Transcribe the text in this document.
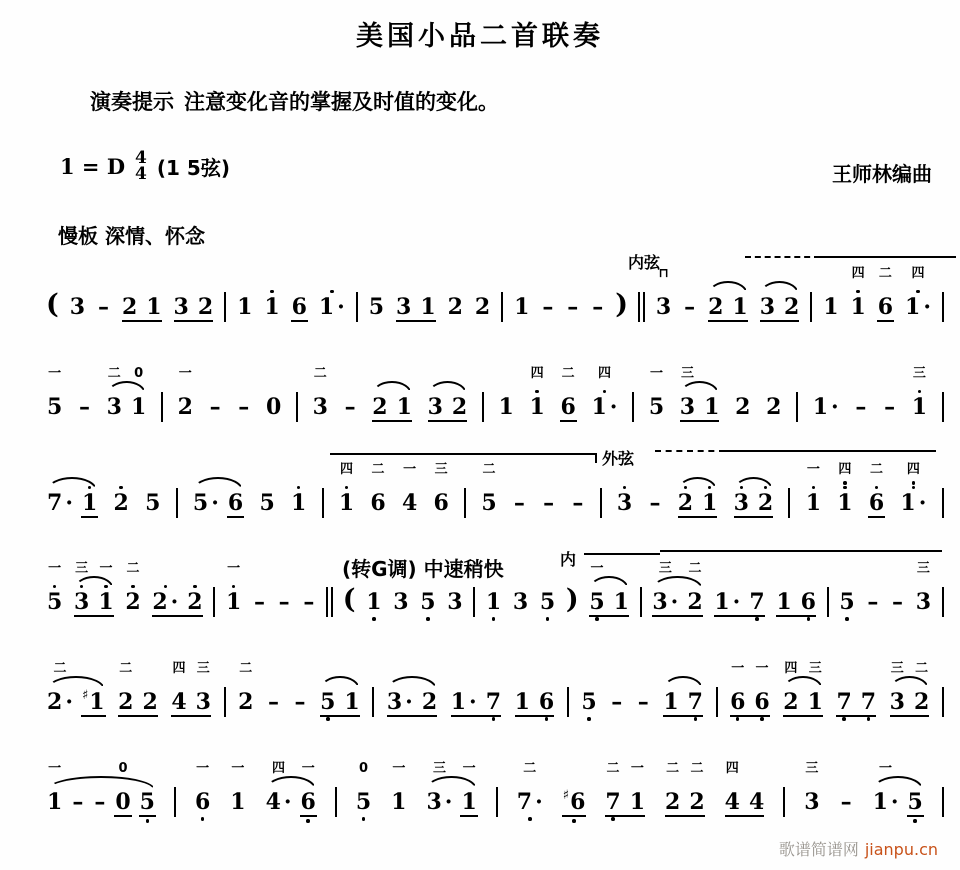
美国小品二首联奏
演奏提示 注意变化音的掌握及时值的变化。
1 = D 4
4 (1 5弦)	王师林编曲
慢板 深情、怀念
内弦
(
3
–
2
1
3
2
1
1
6
1 ·
5
3
1
2
2
1
–
–
– )
⊓
3
–
2
1
3
2
1
四
1
二
6
四
1 ·
一
5
–
二
3
0
1
一
2
–
–
0
二
3
–
2
1
3
2
1
四
1
二
6
四
1 ·
一
5
三
3
1
2
2
1 ·
–
–
三
1
外弦

7 ·
1
2
5
5 ·
6
5
1
四
1
二
6
一
4
三
6
二
5
–
–
–
3
–
2
1
3
2
一
1
四
1
二
6
四
1 ·
(转G调) 中速稍快	内
一
5
三
3
一
1
二
2
2 ·
2
一
1
–
–
– (
1
3
5
3
1
3
5 )
一
5
1
三
3 ·
二
2
1 ·
7
1
6
5
–
–
三
3
二
2 ·
♯ 1
二
2
2
四
4
三
3
二
2
–
–
5
1
3 ·
2
1 ·
7
1
6
5
–
–
1
7
一
6
一
6
四
2
三
1
7
7
三
3
二
2
一
1
–
–
0
0
5
一
6
一
1
四
4 ·
一
6
0
5
一
1
三
3 ·
一
1
二
7 ·
♯ 6
二
7
一
1
二
2
二
2
四
4
4
三
3
–
一
1 ·
5
歌谱简谱网 jianpu.cn
